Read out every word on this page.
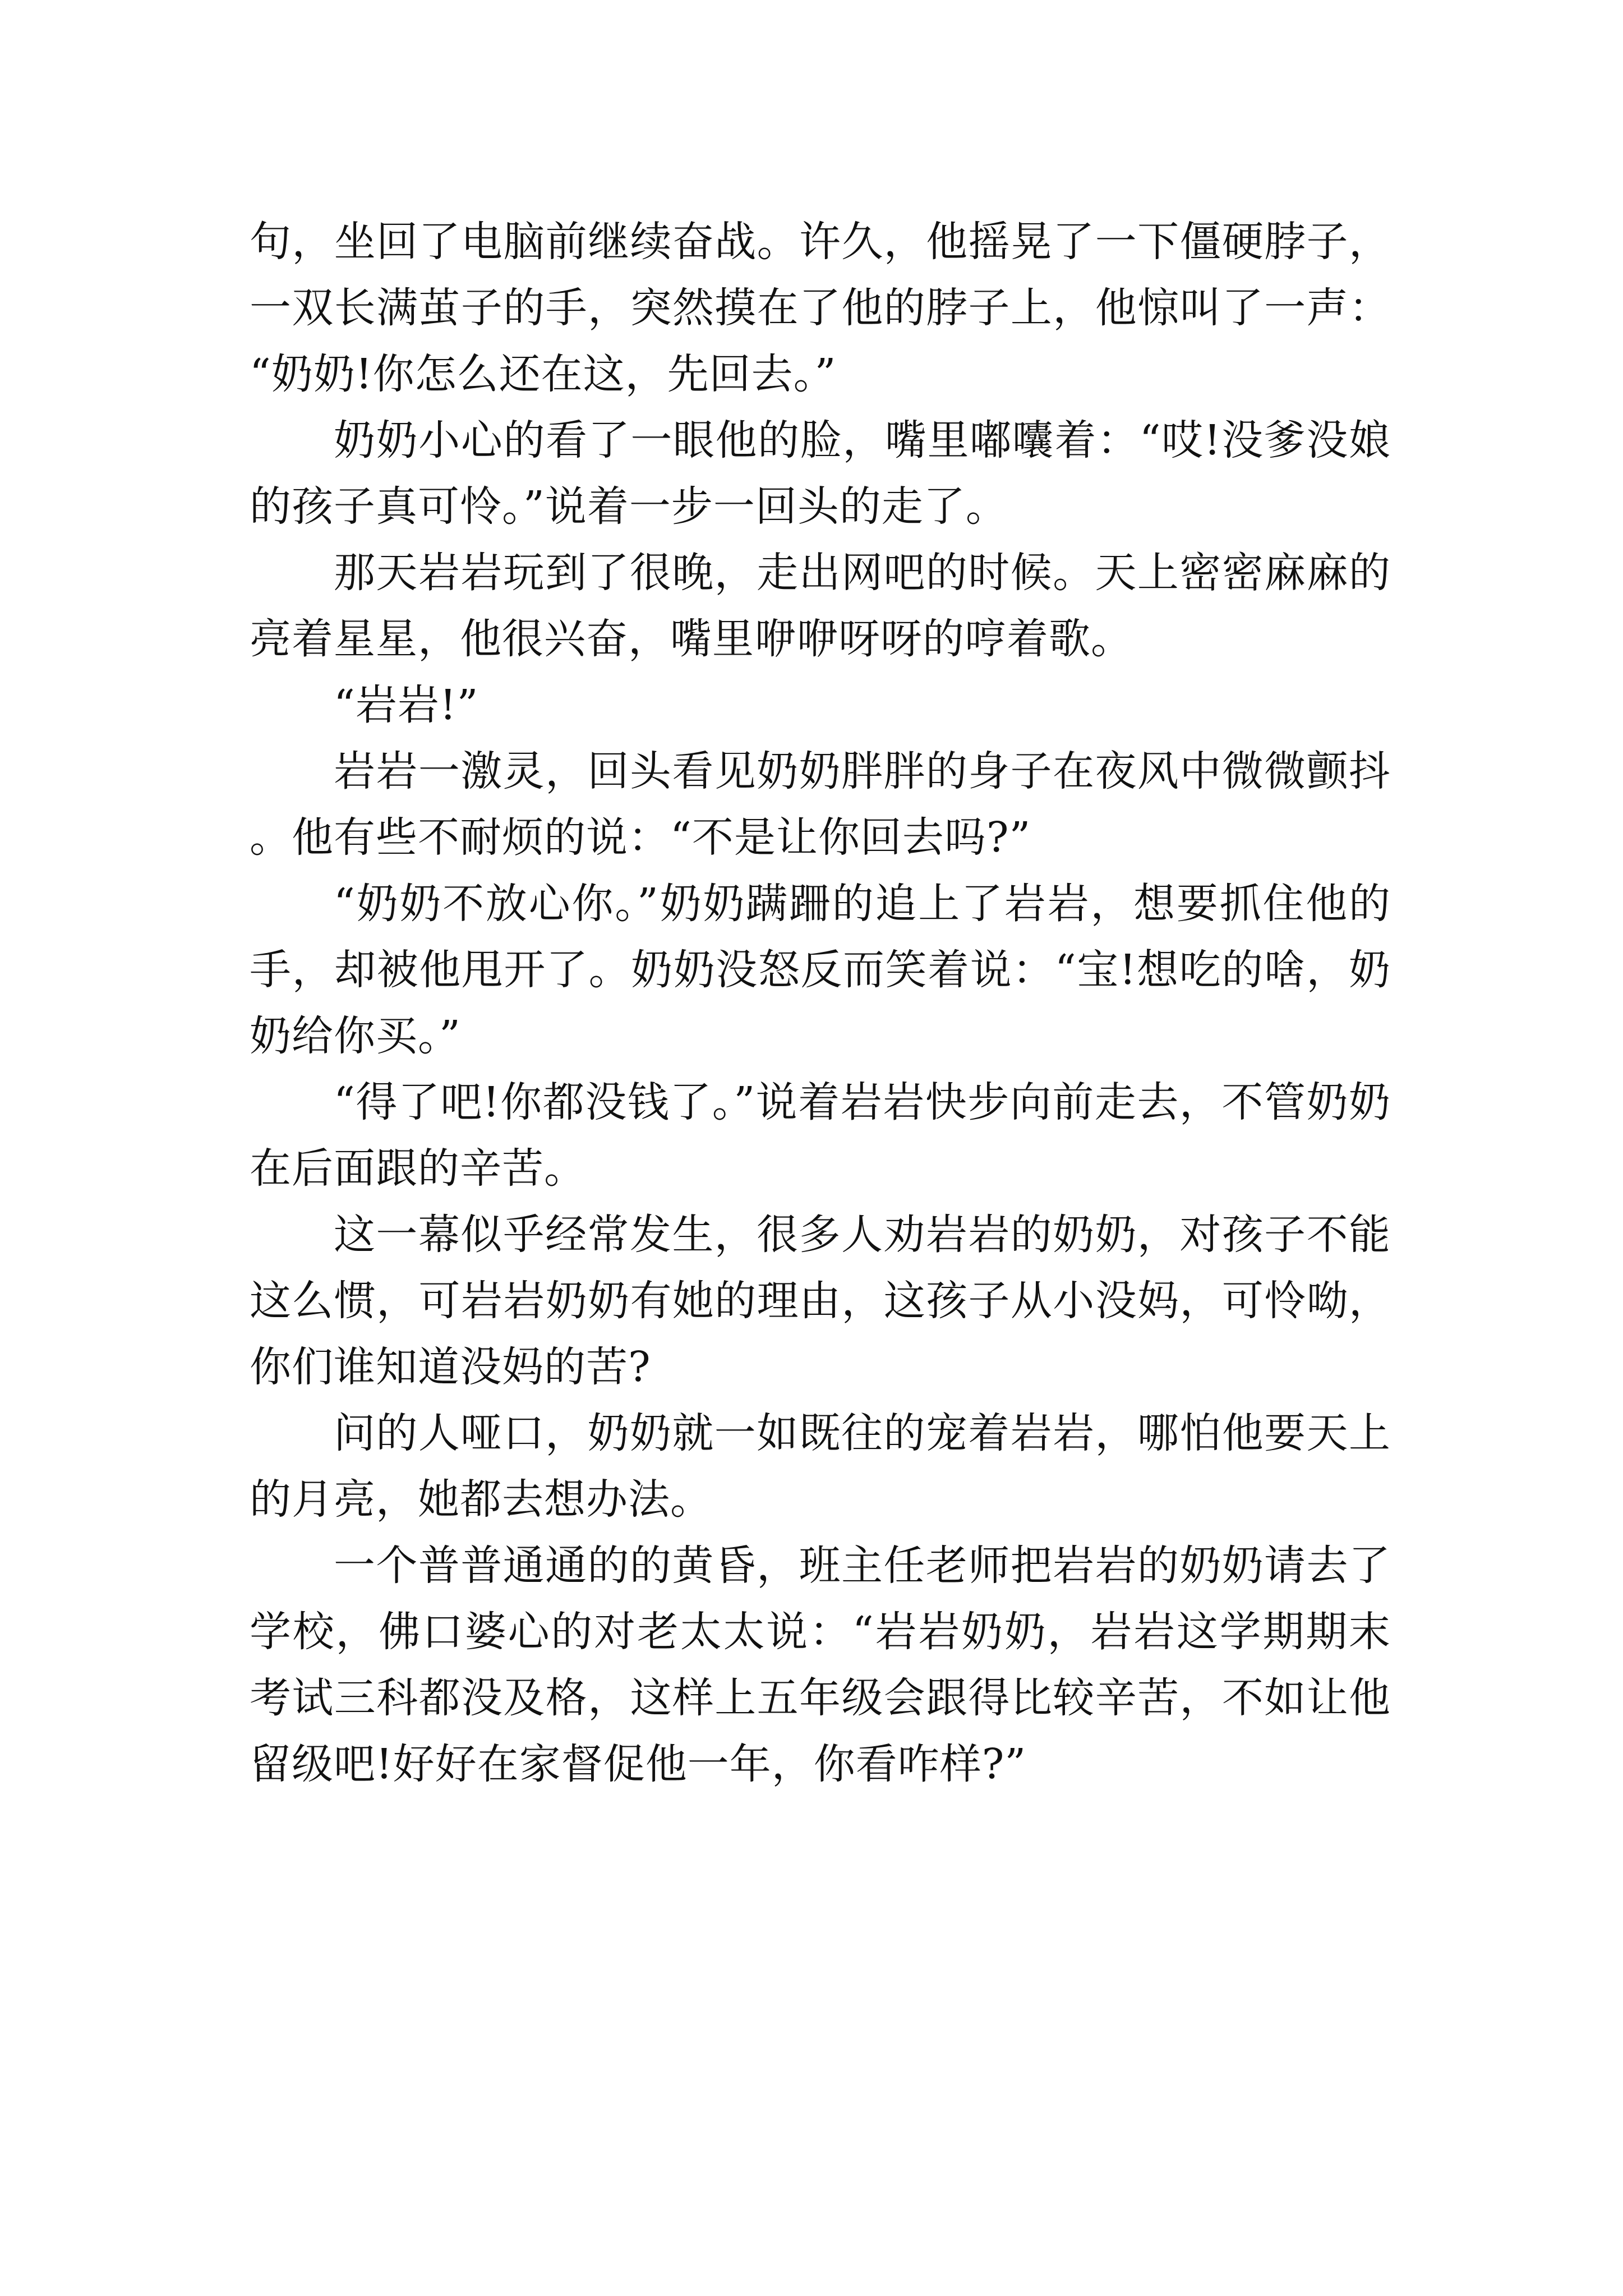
句，坐回了电脑前继续奋战。许久，他摇晃了一下僵硬脖子，一双长满茧子的手，突然摸在了他的脖子上，他惊叫了一声：“奶奶!你怎么还在这，先回去。”

奶奶小心的看了一眼他的脸，嘴里嘟囔着：“哎!没爹没娘的孩子真可怜。”说着一步一回头的走了。

那天岩岩玩到了很晚，走出网吧的时候。天上密密麻麻的亮着星星，他很兴奋，嘴里咿咿呀呀的哼着歌。

“岩岩!”

岩岩一激灵，回头看见奶奶胖胖的身子在夜风中微微颤抖。他有些不耐烦的说：“不是让你回去吗?”

“奶奶不放心你。”奶奶蹒跚的追上了岩岩，想要抓住他的手，却被他甩开了。奶奶没怒反而笑着说：“宝!想吃的啥，奶奶给你买。”

“得了吧!你都没钱了。”说着岩岩快步向前走去，不管奶奶在后面跟的辛苦。

这一幕似乎经常发生，很多人劝岩岩的奶奶，对孩子不能这么惯，可岩岩奶奶有她的理由，这孩子从小没妈，可怜呦，你们谁知道没妈的苦?

问的人哑口，奶奶就一如既往的宠着岩岩，哪怕他要天上的月亮，她都去想办法。

一个普普通通的的黄昏，班主任老师把岩岩的奶奶请去了学校，佛口婆心的对老太太说：“岩岩奶奶，岩岩这学期期末考试三科都没及格，这样上五年级会跟得比较辛苦，不如让他留级吧!好好在家督促他一年，你看咋样?”
